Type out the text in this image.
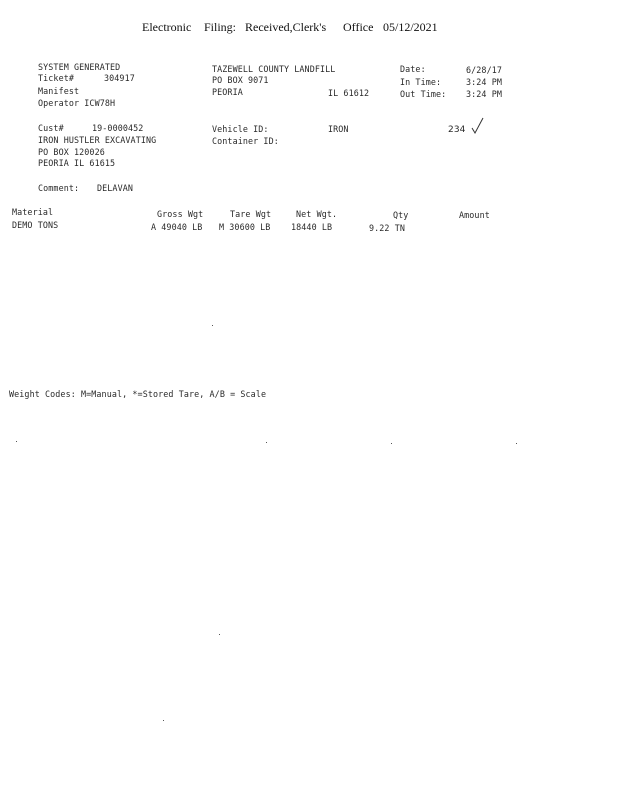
Electronic Filing: Received,Clerk's Office 05/12/2021
SYSTEM GENERATED
Ticket#	304917
Manifest
Operator ICW78H
TAZEWELL COUNTY LANDFILL
PO BOX 9071
PEORIA	IL 61612
Date:	6/28/17
In Time:	3:24 PM
Out Time: 3:24 PM
Cust#	19-0000452
IRON HUSTLER EXCAVATING
PO BOX 120026
PEORIA IL 61615
Vehicle ID:	IRON
Container ID:
234
Comment: DELAVAN
Material	Gross Wgt	Tare Wgt	Net Wgt.	Qty	Amount
DEMO TONS	A 49040 LB M 30600 LB 18440 LB	9.22 TN
Weight Codes: M=Manual, *=Stored Tare, A/B = Scale
